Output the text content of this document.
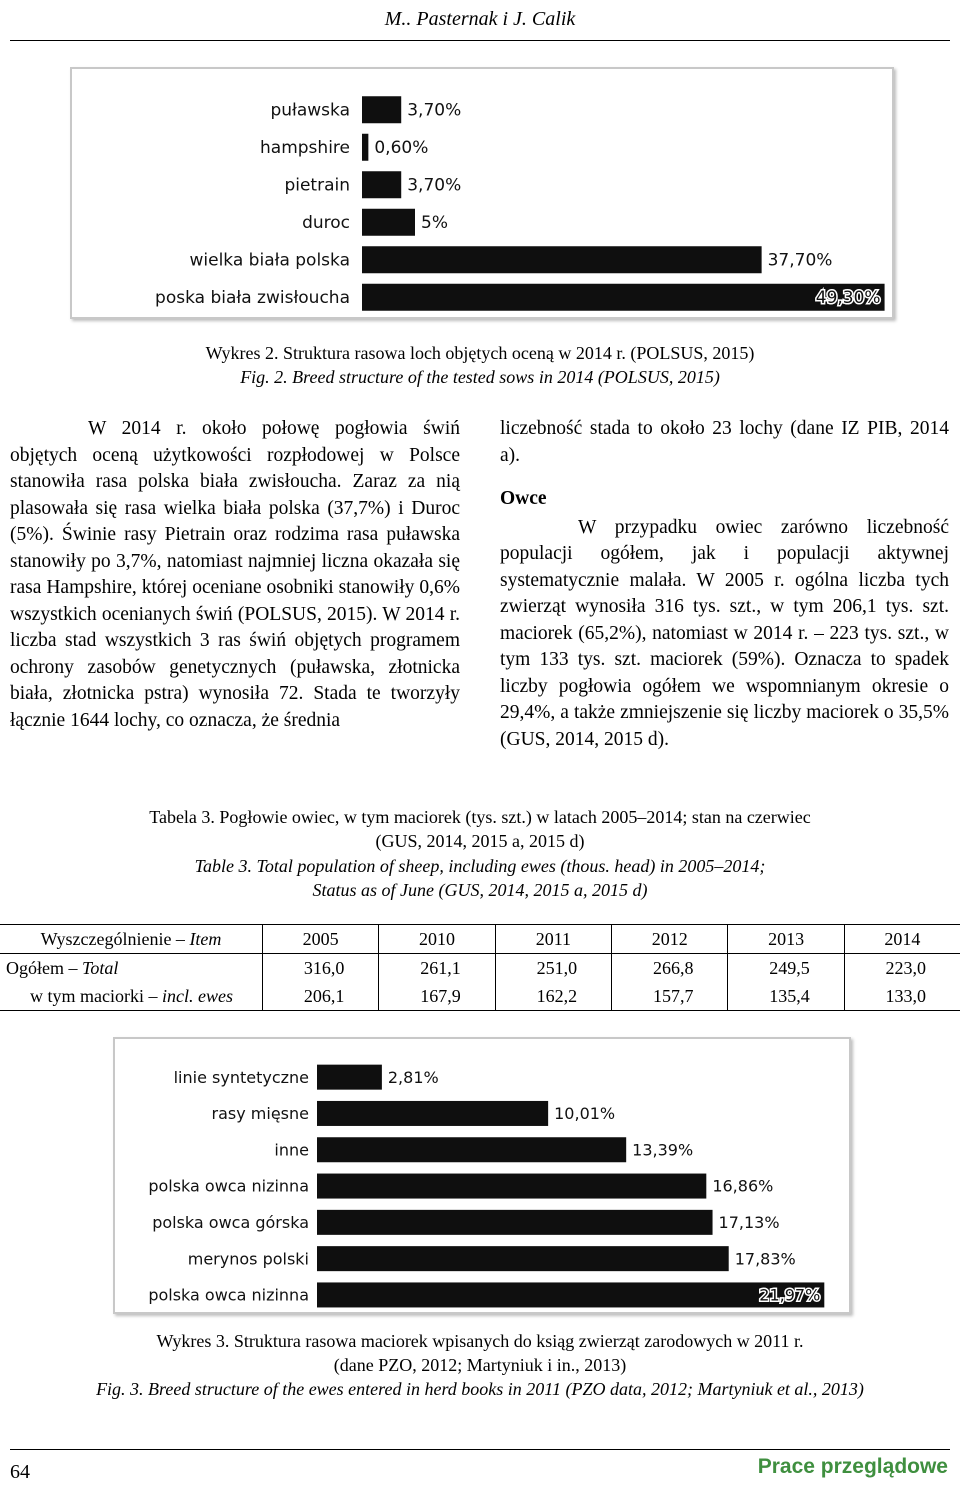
M.. Pasternak i J. Calik
puławska	3,70%
hampshire 0,60%
pietrain	3,70%
duroc	5%
wielka biała polska	37,70%
poska biała zwisłoucha	49,30%
Wykres 2. Struktura rasowa loch objętych oceną w 2014 r. (POLSUS, 2015)
Fig. 2. Breed structure of the tested sows in 2014 (POLSUS, 2015)

W 2014 r. około połowę pogłowia świń objętych oceną użytkowości rozpłodowej w Polsce stanowiła rasa polska biała zwisłoucha. Zaraz za nią plasowała się rasa wielka biała polska (37,7%) i Duroc (5%). Świnie rasy Pietrain oraz rodzima rasa puławska stanowiły po 3,7%, natomiast najmniej liczna okazała się rasa Hampshire, której oceniane osobniki stanowiły 0,6% wszystkich ocenianych świń (POLSUS, 2015). W 2014 r. liczba stad wszystkich 3 ras świń objętych programem ochrony zasobów genetycznych (puławska, złotnicka biała, złotnicka pstra) wynosiła 72. Stada te tworzyły łącznie 1644 lochy, co oznacza, że średnia

liczebność stada to około 23 lochy (dane IZ PIB, 2014 a).

Owce

W przypadku owiec zarówno liczebność populacji ogółem, jak i populacji aktywnej systematycznie malała. W 2005 r. ogólna liczba tych zwierząt wynosiła 316 tys. szt., w tym 206,1 tys. szt. maciorek (65,2%), natomiast w 2014 r. – 223 tys. szt., w tym 133 tys. szt. maciorek (59%). Oznacza to spadek liczby pogłowia ogółem we wspomnianym okresie o 29,4%, a także zmniejszenie się liczby maciorek o 35,5% (GUS, 2014, 2015 d).

Tabela 3. Pogłowie owiec, w tym maciorek (tys. szt.) w latach 2005–2014; stan na czerwiec
(GUS, 2014, 2015 a, 2015 d)
Table 3. Total population of sheep, including ewes (thous. head) in 2005–2014;
Status as of June (GUS, 2014, 2015 a, 2015 d)
Wyszczególnienie – Item	2005	2010	2011	2012	2013	2014
Ogółem – Total	316,0	261,1	251,0	266,8	249,5	223,0
w tym maciorki – incl. ewes	206,1	167,9	162,2	157,7	135,4	133,0
linie syntetyczne	2,81%
rasy mięsne	10,01%
inne	13,39%
polska owca nizinna	16,86%
polska owca górska	17,13%
merynos polski	17,83%
polska owca nizinna	21,97%
Wykres 3. Struktura rasowa maciorek wpisanych do ksiąg zwierząt zarodowych w 2011 r.
(dane PZO, 2012; Martyniuk i in., 2013)
Fig. 3. Breed structure of the ewes entered in herd books in 2011 (PZO data, 2012; Martyniuk et al., 2013)
64	Prace przeglądowe
